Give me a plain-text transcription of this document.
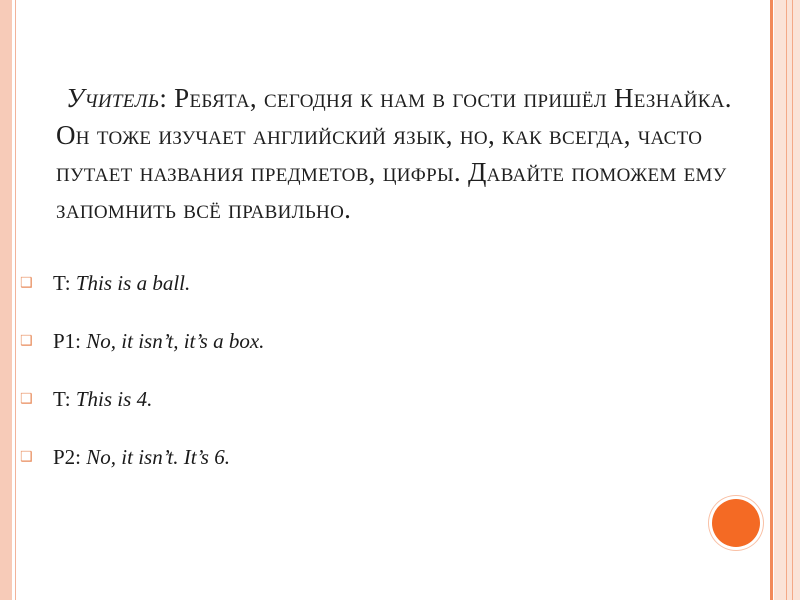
Учитель: Ребята, сегодня к нам в гости пришёл Незнайка. Он тоже изучает английский язык, но, как всегда, часто путает названия предметов, цифры. Давайте поможем ему запомнить всё правильно.
❑ T: This is a ball.
❑ P1: No, it isn’t, it’s a box.
❑ T: This is 4.
❑ P2: No, it isn’t. It’s 6.
